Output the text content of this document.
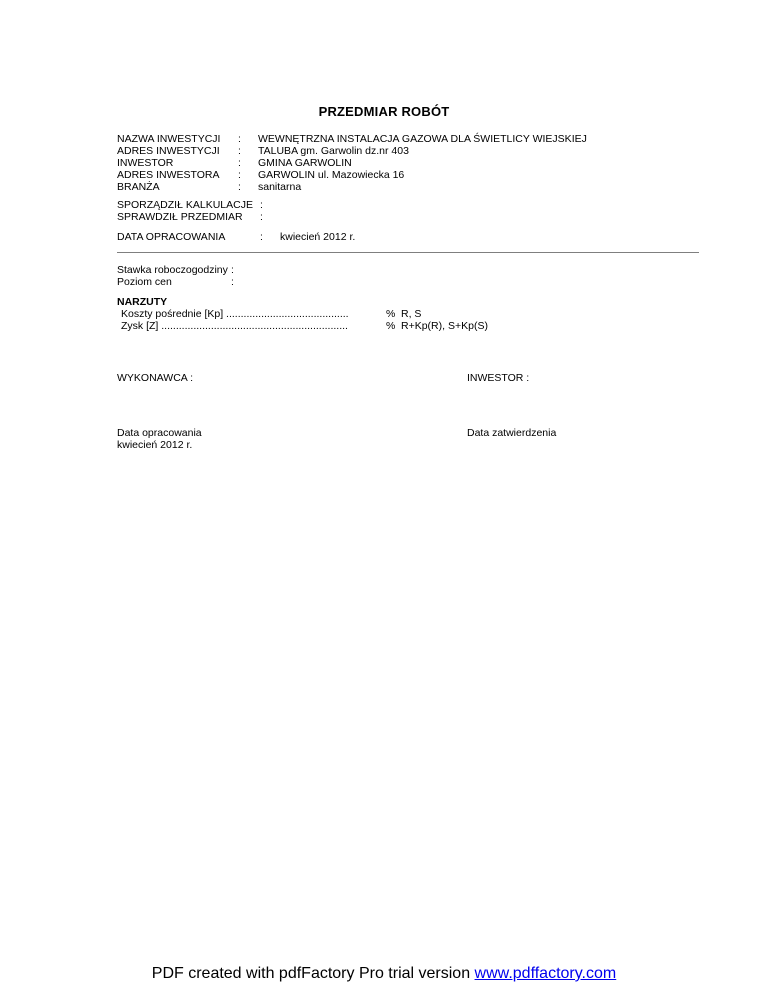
PRZEDMIAR ROBÓT
NAZWA INWESTYCJI : WEWNĘTRZNA INSTALACJA GAZOWA DLA ŚWIETLICY WIEJSKIEJ
ADRES INWESTYCJI : TALUBA gm. Garwolin dz.nr 403
INWESTOR	: GMINA GARWOLIN
ADRES INWESTORA : GARWOLIN ul. Mazowiecka 16
BRANŻA	: sanitarna
SPORZĄDZIŁ KALKULACJE :
SPRAWDZIŁ PRZEDMIAR :
DATA OPRACOWANIA	: kwiecień 2012 r.
Stawka roboczogodziny :
Poziom cen	:
NARZUTY
Koszty pośrednie [Kp] ..........................................	% R, S
Zysk [Z] ................................................................	% R+Kp(R), S+Kp(S)
WYKONAWCA :	INWESTOR :
Data opracowania
kwiecień 2012 r.
Data zatwierdzenia
PDF created with pdfFactory Pro trial version www.pdffactory.com
